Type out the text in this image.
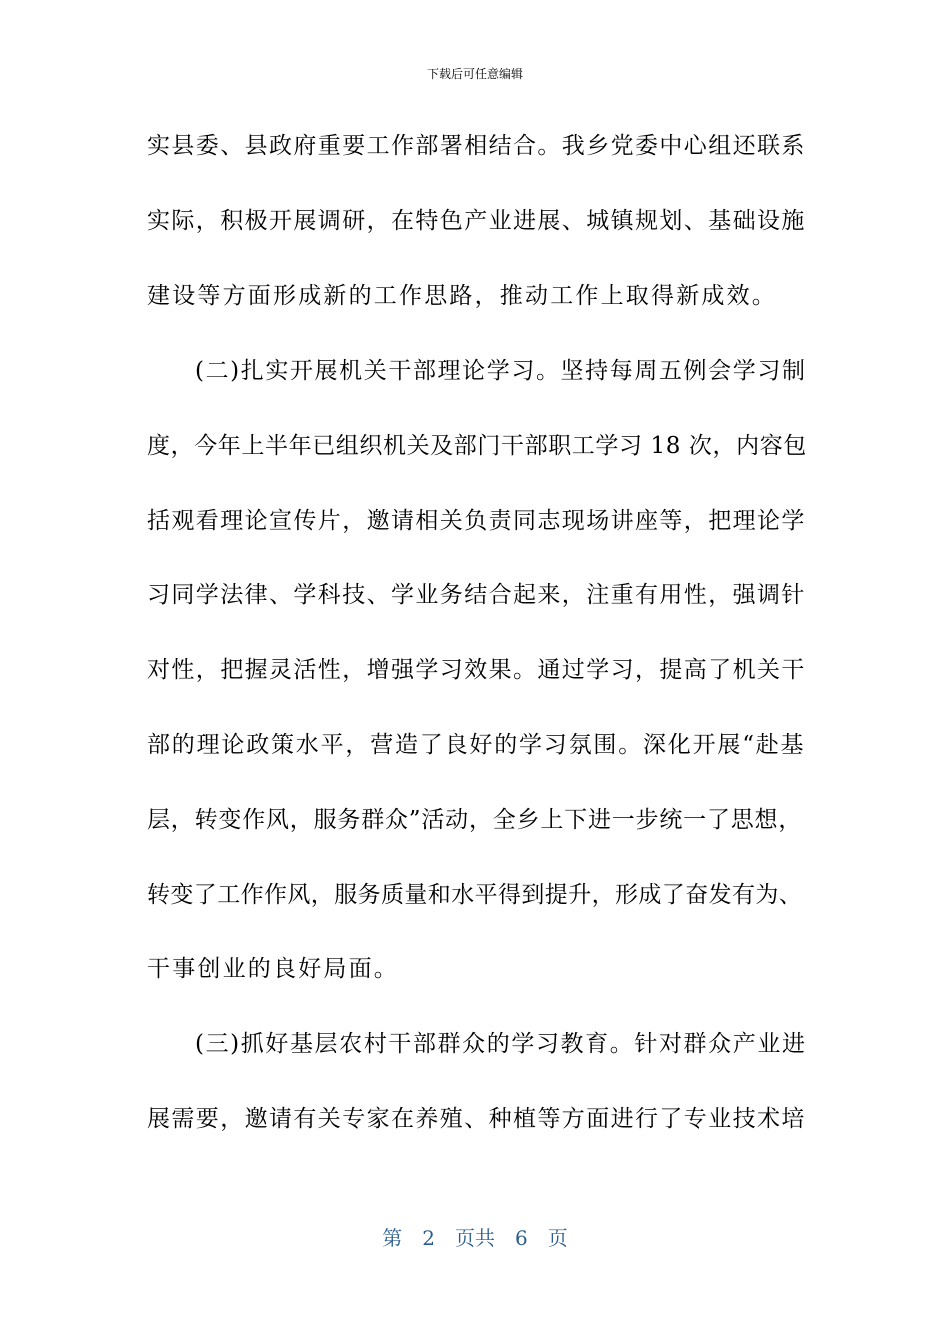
下载后可任意编辑
实县委、县政府重要工作部署相结合。我乡党委中心组还联系
实际，积极开展调研，在特色产业进展、城镇规划、基础设施
建设等方面形成新的工作思路，推动工作上取得新成效。
(二)扎实开展机关干部理论学习。坚持每周五例会学习制
度，今年上半年已组织机关及部门干部职工学习 18 次，内容包
括观看理论宣传片，邀请相关负责同志现场讲座等，把理论学
习同学法律、学科技、学业务结合起来，注重有用性，强调针
对性，把握灵活性，增强学习效果。通过学习，提高了机关干
部的理论政策水平，营造了良好的学习氛围。深化开展“赴基
层，转变作风，服务群众”活动，全乡上下进一步统一了思想，
转变了工作作风，服务质量和水平得到提升，形成了奋发有为、
干事创业的良好局面。
(三)抓好基层农村干部群众的学习教育。针对群众产业进
展需要，邀请有关专家在养殖、种植等方面进行了专业技术培
第 2 页共 6 页
